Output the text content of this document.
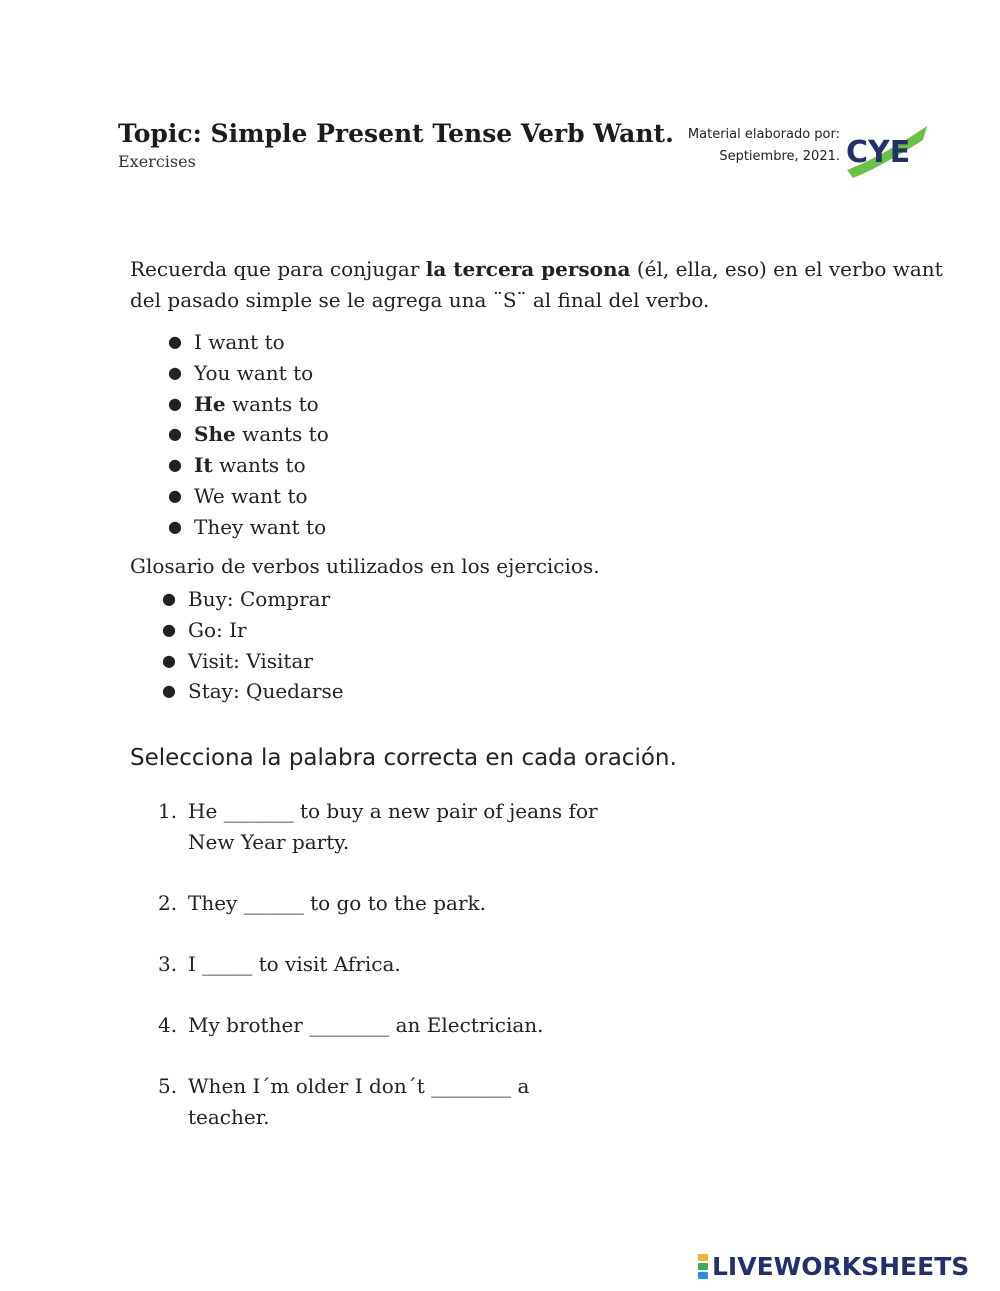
Topic: Simple Present Tense Verb Want.
Exercises
Material elaborado por:
Septiembre, 2021. CYE
Recuerda que para conjugar la tercera persona (él, ella, eso) en el verbo want del pasado simple se le agrega una ¨S¨ al final del verbo.
● I want to
● You want to
● He wants to
● She wants to
● It wants to
● We want to
● They want to
Glosario de verbos utilizados en los ejercicios.
● Buy: Comprar
● Go: Ir
● Visit: Visitar
● Stay: Quedarse
Selecciona la palabra correcta en cada oración.
1. He _______ to buy a new pair of jeans for New Year party.
2. They ______ to go to the park.
3. I _____ to visit Africa.
4. My brother ________ an Electrician.
5. When I´m older I don´t ________ a teacher.
LIVEWORKSHEETS
